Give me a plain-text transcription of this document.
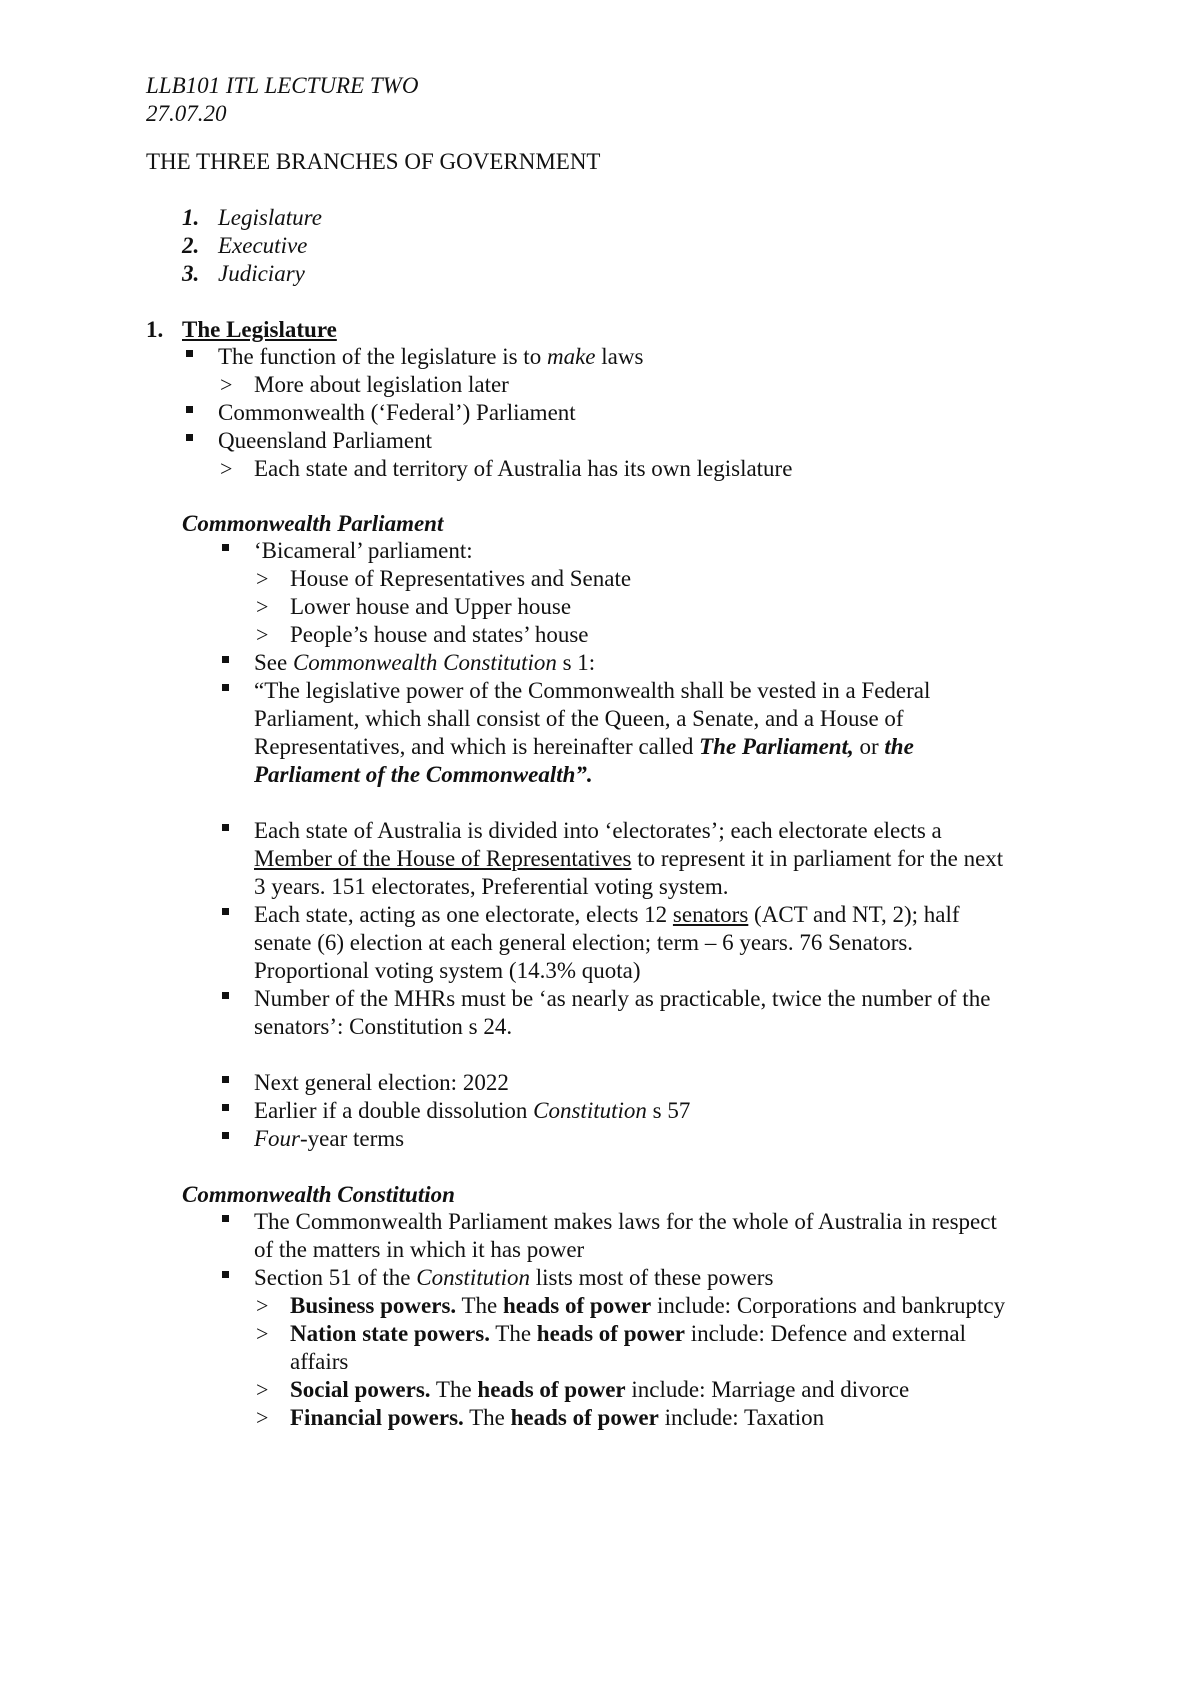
LLB101 ITL LECTURE TWO
27.07.20
THE THREE BRANCHES OF GOVERNMENT
1. Legislature
2. Executive
3. Judiciary
1. The Legislature
The function of the legislature is to make laws
> More about legislation later
Commonwealth (‘Federal’) Parliament
Queensland Parliament
> Each state and territory of Australia has its own legislature
Commonwealth Parliament
‘Bicameral’ parliament:
> House of Representatives and Senate
> Lower house and Upper house
> People’s house and states’ house
See Commonwealth Constitution s 1:
“The legislative power of the Commonwealth shall be vested in a Federal
Parliament, which shall consist of the Queen, a Senate, and a House of
Representatives, and which is hereinafter called The Parliament, or the
Parliament of the Commonwealth”.
Each state of Australia is divided into ‘electorates’; each electorate elects a
Member of the House of Representatives to represent it in parliament for the next
3 years. 151 electorates, Preferential voting system.
Each state, acting as one electorate, elects 12 senators (ACT and NT, 2); half
senate (6) election at each general election; term – 6 years. 76 Senators.
Proportional voting system (14.3% quota)
Number of the MHRs must be ‘as nearly as practicable, twice the number of the
senators’: Constitution s 24.
Next general election: 2022
Earlier if a double dissolution Constitution s 57
Four-year terms
Commonwealth Constitution
The Commonwealth Parliament makes laws for the whole of Australia in respect
of the matters in which it has power
Section 51 of the Constitution lists most of these powers
> Business powers. The heads of power include: Corporations and bankruptcy
> Nation state powers. The heads of power include: Defence and external
affairs
> Social powers. The heads of power include: Marriage and divorce
> Financial powers. The heads of power include: Taxation
